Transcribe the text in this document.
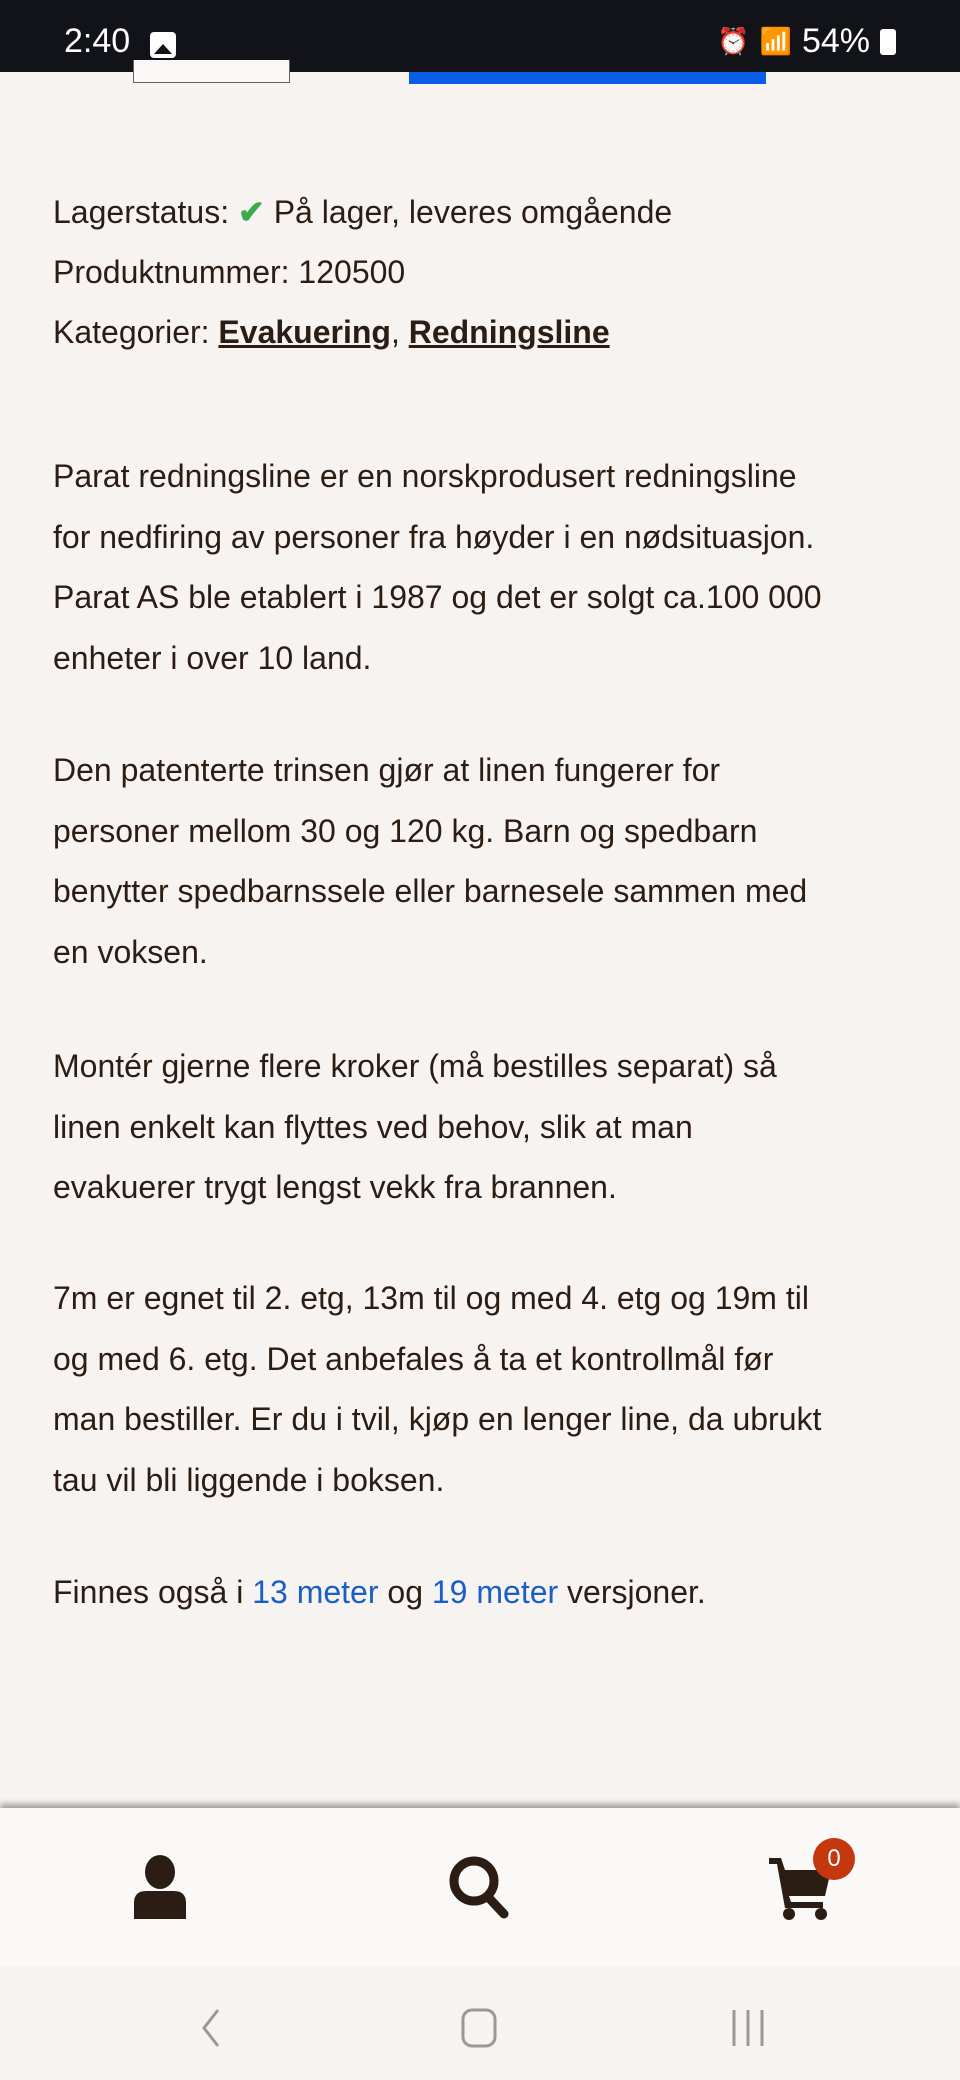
2:40	⏰ 📶 54%
Lagerstatus: ✔ På lager, leveres omgående
Produktnummer: 120500
Kategorier: Evakuering, Redningsline
Parat redningsline er en norskprodusert redningsline
for nedfiring av personer fra høyder i en nødsituasjon.
Parat AS ble etablert i 1987 og det er solgt ca.100 000
enheter i over 10 land.
Den patenterte trinsen gjør at linen fungerer for
personer mellom 30 og 120 kg. Barn og spedbarn
benytter spedbarnssele eller barnesele sammen med
en voksen.
Montér gjerne flere kroker (må bestilles separat) så
linen enkelt kan flyttes ved behov, slik at man
evakuerer trygt lengst vekk fra brannen.
7m er egnet til 2. etg, 13m til og med 4. etg og 19m til
og med 6. etg. Det anbefales å ta et kontrollmål før
man bestiller. Er du i tvil, kjøp en lenger line, da ubrukt
tau vil bli liggende i boksen.
Finnes også i 13 meter og 19 meter versjoner.
0
